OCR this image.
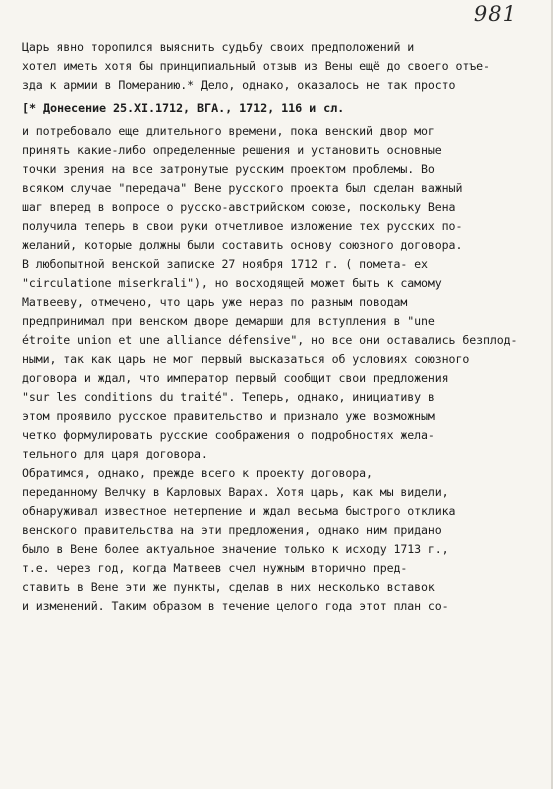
981
Царь явно торопился выяснить судьбу своих предположений и
хотел иметь хотя бы принципиальный отзыв из Вены ещё до своего отъе-
зда к армии в Померанию.* Дело, однако, оказалось не так просто
[* Донесение 25.XI.1712, ВГА., 1712, 116 и сл.
и потребовало еще длительного времени, пока венский двор мог
принять какие-либо определенные решения и установить основные
точки зрения на все затронутые русским проектом проблемы. Во
всяком случае "передача" Вене русского проекта был сделан важный
шаг вперед в вопросе о русско-австрийском союзе, поскольку Вена
получила теперь в свои руки отчетливое изложение тех русских по-
желаний, которые должны были составить основу союзного договора.
В любопытной венской записке 27 ноября 1712 г. ( помета- ex
"circulatione miserkrali"), но восходящей может быть к самому
Матвееву, отмечено, что царь уже нераз по разным поводам
предпринимал при венском дворе демарши для вступления в "une
étroite union et une alliance défensive", но все они оставались безплод-
ными, так как царь не мог первый высказаться об условиях союзного
договора и ждал, что император первый сообщит свои предложения
"sur les conditions du traité". Теперь, однако, инициативу в
этом проявило русское правительство и признало уже возможным
четко формулировать русские соображения о подробностях жела-
тельного для царя договора.
Обратимся, однако, прежде всего к проекту договора,
переданному Велчку в Карловых Варах. Хотя царь, как мы видели,
обнаруживал известное нетерпение и ждал весьма быстрого отклика
венского правительства на эти предложения, однако ним придано
было в Вене более актуальное значение только к исходу 1713 г.,
т.е. через год, когда Матвеев счел нужным вторично пред-
ставить в Вене эти же пункты, сделав в них несколько вставок
и изменений. Таким образом в течение целого года этот план со-
